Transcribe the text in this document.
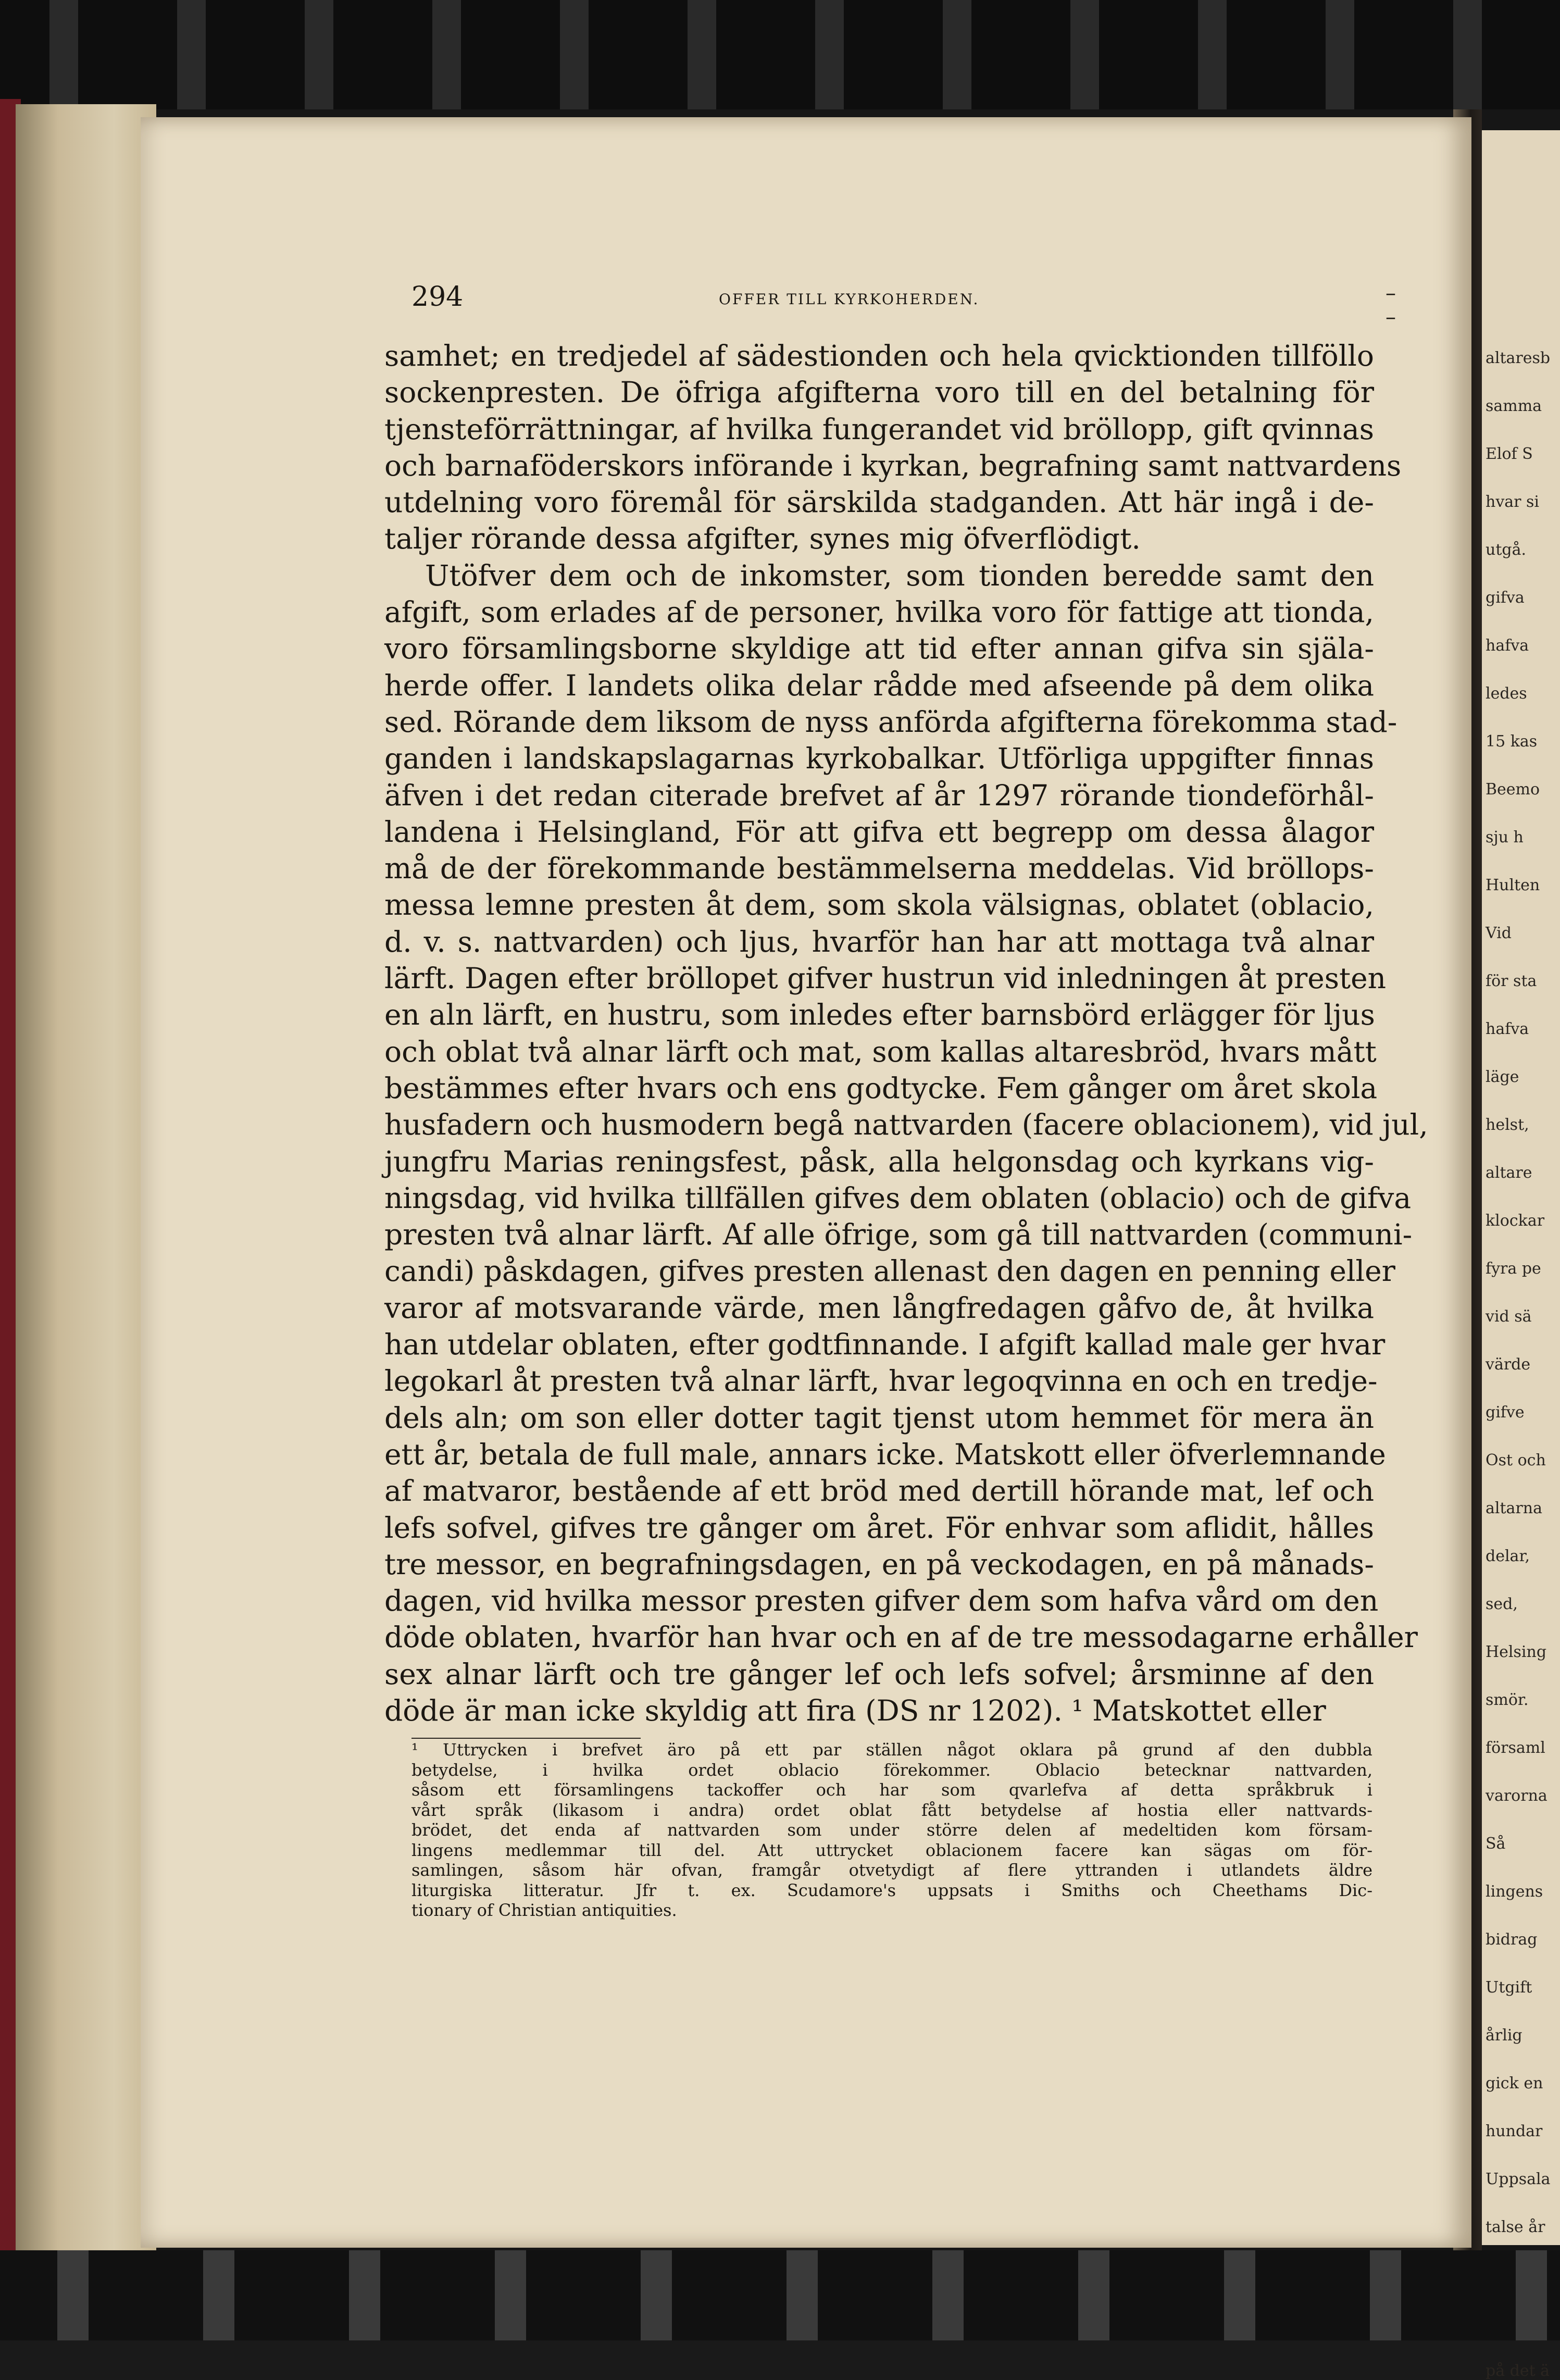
altaresb
samma
Elof S
hvar si
utgå.
gifva
hafva
ledes
15 kas
Beemo
sju h
Hulten
Vid
för sta
hafva
läge
helst,
altare
klockar
fyra pe
vid sä
värde
gifve
Ost och
altarna
delar,
sed,
Helsing
smör.
församl
varorna
Så
lingens
bidrag
Utgift
årlig
gick en
hundar
Uppsala
talse år
på det ä
294	OFFER TILL KYRKOHERDEN.	– –
samhet; en tredjedel af sädestionden och hela qvicktionden tillföllo
sockenpresten. De öfriga afgifterna voro till en del betalning för
tjensteförrättningar, af hvilka fungerandet vid bröllopp, gift qvinnas
och barnaföderskors införande i kyrkan, begrafning samt nattvardens
utdelning voro föremål för särskilda stadganden. Att här ingå i de-
taljer rörande dessa afgifter, synes mig öfverflödigt.
Utöfver dem och de inkomster, som tionden beredde samt den
afgift, som erlades af de personer, hvilka voro för fattige att tionda,
voro församlingsborne skyldige att tid efter annan gifva sin själa-
herde offer. I landets olika delar rådde med afseende på dem olika
sed. Rörande dem liksom de nyss anförda afgifterna förekomma stad-
ganden i landskapslagarnas kyrkobalkar. Utförliga uppgifter finnas
äfven i det redan citerade brefvet af år 1297 rörande tiondeförhål-
landena i Helsingland, För att gifva ett begrepp om dessa ålagor
må de der förekommande bestämmelserna meddelas. Vid bröllops-
messa lemne presten åt dem, som skola välsignas, oblatet (oblacio,
d. v. s. nattvarden) och ljus, hvarför han har att mottaga två alnar
lärft. Dagen efter bröllopet gifver hustrun vid inledningen åt presten
en aln lärft, en hustru, som inledes efter barnsbörd erlägger för ljus
och oblat två alnar lärft och mat, som kallas altaresbröd, hvars mått
bestämmes efter hvars och ens godtycke. Fem gånger om året skola
husfadern och husmodern begå nattvarden (facere oblacionem), vid jul,
jungfru Marias reningsfest, påsk, alla helgonsdag och kyrkans vig-
ningsdag, vid hvilka tillfällen gifves dem oblaten (oblacio) och de gifva
presten två alnar lärft. Af alle öfrige, som gå till nattvarden (communi-
candi) påskdagen, gifves presten allenast den dagen en penning eller
varor af motsvarande värde, men långfredagen gåfvo de, åt hvilka
han utdelar oblaten, efter godtfinnande. I afgift kallad male ger hvar
legokarl åt presten två alnar lärft, hvar legoqvinna en och en tredje-
dels aln; om son eller dotter tagit tjenst utom hemmet för mera än
ett år, betala de full male, annars icke. Matskott eller öfverlemnande
af matvaror, bestående af ett bröd med dertill hörande mat, lef och
lefs sofvel, gifves tre gånger om året. För enhvar som aflidit, hålles
tre messor, en begrafningsdagen, en på veckodagen, en på månads-
dagen, vid hvilka messor presten gifver dem som hafva vård om den
döde oblaten, hvarför han hvar och en af de tre messodagarne erhåller
sex alnar lärft och tre gånger lef och lefs sofvel; årsminne af den
döde är man icke skyldig att fira (DS nr 1202). ¹ Matskottet eller
¹ Uttrycken i brefvet äro på ett par ställen något oklara på grund af den dubbla
betydelse, i hvilka ordet oblacio förekommer. Oblacio betecknar nattvarden,
såsom ett församlingens tackoffer och har som qvarlefva af detta språkbruk i
vårt språk (likasom i andra) ordet oblat fått betydelse af hostia eller nattvards-
brödet, det enda af nattvarden som under större delen af medeltiden kom försam-
lingens medlemmar till del. Att uttrycket oblacionem facere kan sägas om för-
samlingen, såsom här ofvan, framgår otvetydigt af flere yttranden i utlandets äldre
liturgiska litteratur. Jfr t. ex. Scudamore's uppsats i Smiths och Cheethams Dic-
tionary of Christian antiquities.
